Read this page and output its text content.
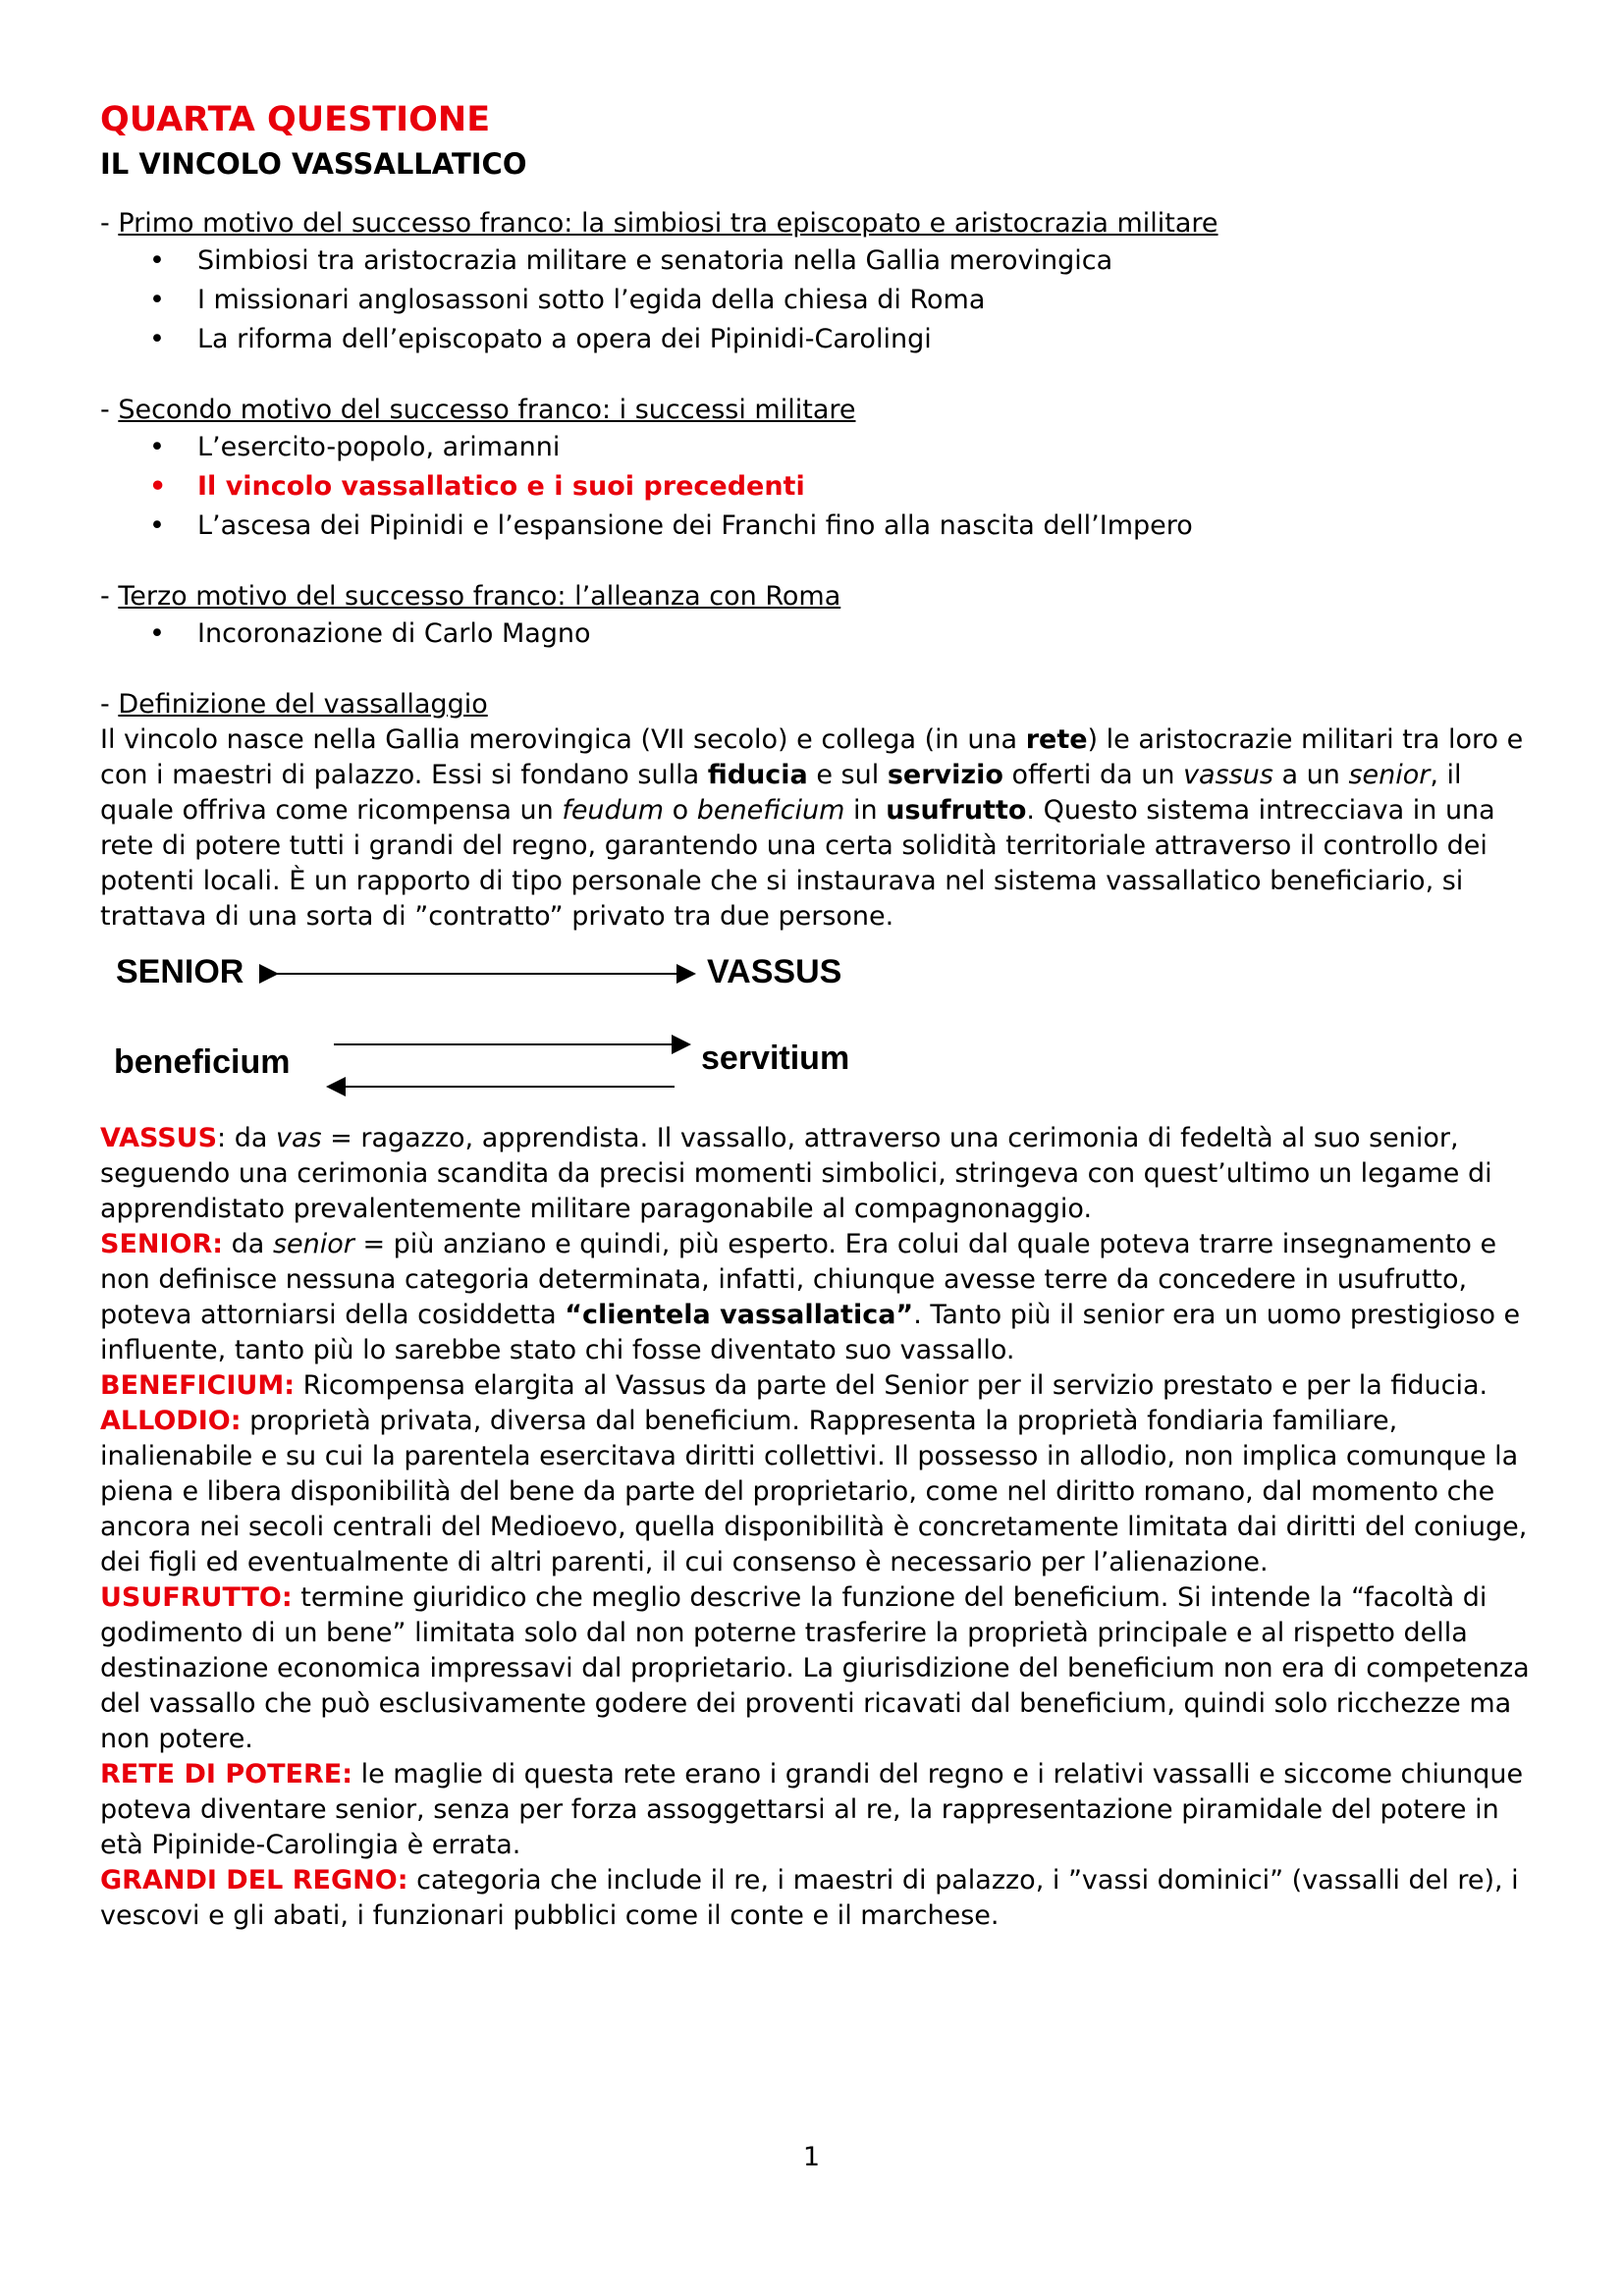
QUARTA QUESTIONE
IL VINCOLO VASSALLATICO
- Primo motivo del successo franco: la simbiosi tra episcopato e aristocrazia militare
• Simbiosi tra aristocrazia militare e senatoria nella Gallia merovingica
• I missionari anglosassoni sotto l’egida della chiesa di Roma
• La riforma dell’episcopato a opera dei Pipinidi-Carolingi
- Secondo motivo del successo franco: i successi militare
• L’esercito-popolo, arimanni
• Il vincolo vassallatico e i suoi precedenti
• L’ascesa dei Pipinidi e l’espansione dei Franchi fino alla nascita dell’Impero
- Terzo motivo del successo franco: l’alleanza con Roma
• Incoronazione di Carlo Magno
- Definizione del vassallaggio
Il vincolo nasce nella Gallia merovingica (VII secolo) e collega (in una rete) le aristocrazie militari tra loro e con i maestri di palazzo. Essi si fondano sulla fiducia e sul servizio offerti da un vassus a un senior, il quale offriva come ricompensa un feudum o beneficium in usufrutto. Questo sistema intrecciava in una rete di potere tutti i grandi del regno, garantendo una certa solidità territoriale attraverso il controllo dei potenti locali. È un rapporto di tipo personale che si instaurava nel sistema vassallatico beneficiario, si trattava di una sorta di ”contratto” privato tra due persone.
SENIOR	VASSUS
beneficium	servitium
VASSUS: da vas = ragazzo, apprendista. Il vassallo, attraverso una cerimonia di fedeltà al suo senior, seguendo una cerimonia scandita da precisi momenti simbolici, stringeva con quest’ultimo un legame di apprendistato prevalentemente militare paragonabile al compagnonaggio.
SENIOR: da senior = più anziano e quindi, più esperto. Era colui dal quale poteva trarre insegnamento e non definisce nessuna categoria determinata, infatti, chiunque avesse terre da concedere in usufrutto, poteva attorniarsi della cosiddetta “clientela vassallatica”. Tanto più il senior era un uomo prestigioso e influente, tanto più lo sarebbe stato chi fosse diventato suo vassallo.
BENEFICIUM: Ricompensa elargita al Vassus da parte del Senior per il servizio prestato e per la fiducia.
ALLODIO: proprietà privata, diversa dal beneficium. Rappresenta la proprietà fondiaria familiare, inalienabile e su cui la parentela esercitava diritti collettivi. Il possesso in allodio, non implica comunque la piena e libera disponibilità del bene da parte del proprietario, come nel diritto romano, dal momento che ancora nei secoli centrali del Medioevo, quella disponibilità è concretamente limitata dai diritti del coniuge, dei figli ed eventualmente di altri parenti, il cui consenso è necessario per l’alienazione.
USUFRUTTO: termine giuridico che meglio descrive la funzione del beneficium. Si intende la “facoltà di godimento di un bene” limitata solo dal non poterne trasferire la proprietà principale e al rispetto della destinazione economica impressavi dal proprietario. La giurisdizione del beneficium non era di competenza del vassallo che può esclusivamente godere dei proventi ricavati dal beneficium, quindi solo ricchezze ma non potere.
RETE DI POTERE: le maglie di questa rete erano i grandi del regno e i relativi vassalli e siccome chiunque poteva diventare senior, senza per forza assoggettarsi al re, la rappresentazione piramidale del potere in età Pipinide-Carolingia è errata.
GRANDI DEL REGNO: categoria che include il re, i maestri di palazzo, i ”vassi dominici” (vassalli del re), i vescovi e gli abati, i funzionari pubblici come il conte e il marchese.
1
